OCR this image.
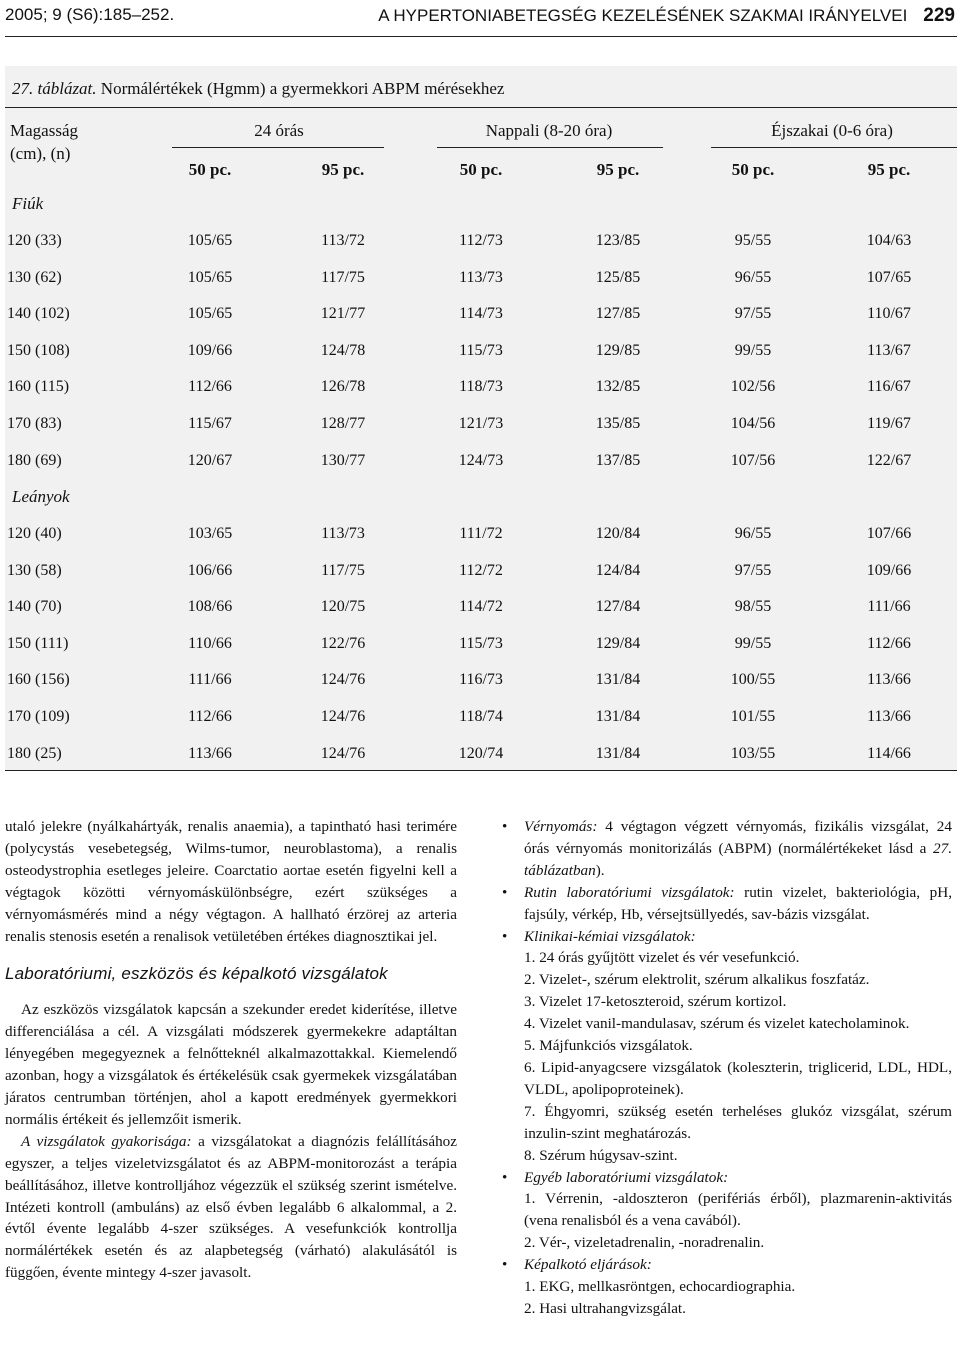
2005; 9 (S6):185–252.	A HYPERTONIABETEGSÉG KEZELÉSÉNEK SZAKMAI IRÁNYELVEI 229
27. táblázat. Normálértékek (Hgmm) a gyermekkori ABPM mérésekhez
Magasság
(cm), (n)
24 órás	Nappali (8-20 óra)	Éjszakai (0-6 óra)
50 pc.	95 pc.	50 pc.	95 pc.	50 pc.	95 pc.
Fiúk
120 (33)	105/65	113/72	112/73	123/85	95/55	104/63
130 (62)	105/65	117/75	113/73	125/85	96/55	107/65
140 (102)	105/65	121/77	114/73	127/85	97/55	110/67
150 (108)	109/66	124/78	115/73	129/85	99/55	113/67
160 (115)	112/66	126/78	118/73	132/85	102/56	116/67
170 (83)	115/67	128/77	121/73	135/85	104/56	119/67
180 (69)	120/67	130/77	124/73	137/85	107/56	122/67
Leányok
120 (40)	103/65	113/73	111/72	120/84	96/55	107/66
130 (58)	106/66	117/75	112/72	124/84	97/55	109/66
140 (70)	108/66	120/75	114/72	127/84	98/55	111/66
150 (111)	110/66	122/76	115/73	129/84	99/55	112/66
160 (156)	111/66	124/76	116/73	131/84	100/55	113/66
170 (109)	112/66	124/76	118/74	131/84	101/55	113/66
180 (25)	113/66	124/76	120/74	131/84	103/55	114/66

utaló jelekre (nyálkahártyák, renalis anaemia), a tapintható hasi terimére (polycystás vesebetegség, Wilms-tumor, neuroblastoma), a renalis osteodystrophia esetleges jeleire. Coarctatio aortae esetén figyelni kell a végtagok közötti vérnyomáskülönbségre, ezért szükséges a vérnyomásmérés mind a négy végtagon. A hallható érzörej az arteria renalis stenosis esetén a renalisok vetületében értékes diagnosztikai jel.

Laboratóriumi, eszközös és képalkotó vizsgálatok

Az eszközös vizsgálatok kapcsán a szekunder eredet kiderítése, illetve differenciálása a cél. A vizsgálati módszerek gyermekekre adaptáltan lényegében megegyeznek a felnőtteknél alkalmazottakkal. Kiemelendő azonban, hogy a vizsgálatok és értékelésük csak gyermekek vizsgálatában járatos centrumban történjen, ahol a kapott eredmények gyermekkori normális értékeit és jellemzőit ismerik.

A vizsgálatok gyakorisága: a vizsgálatokat a diagnózis felállításához egyszer, a teljes vizeletvizsgálatot és az ABPM-monitorozást a terápia beállításához, illetve kontrolljához végezzük el szükség szerint ismételve. Intézeti kontroll (ambuláns) az első évben legalább 6 alkalommal, a 2. évtől évente legalább 4-szer szükséges. A vesefunkciók kontrollja normálértékek esetén és az alapbetegség (várható) alakulásától is függően, évente mintegy 4-szer javasolt.

• Vérnyomás: 4 végtagon végzett vérnyomás, fizikális vizsgálat, 24 órás vérnyomás monitorizálás (ABPM) (normálértékeket lásd a 27. táblázatban).

• Rutin laboratóriumi vizsgálatok: rutin vizelet, bakteriológia, pH, fajsúly, vérkép, Hb, vérsejtsüllyedés, sav-bázis vizsgálat.

• Klinikai-kémiai vizsgálatok:

1. 24 órás gyűjtött vizelet és vér vesefunkció.

2. Vizelet-, szérum elektrolit, szérum alkalikus foszfatáz.

3. Vizelet 17-ketoszteroid, szérum kortizol.

4. Vizelet vanil-mandulasav, szérum és vizelet katecholaminok.

5. Májfunkciós vizsgálatok.

6. Lipid-anyagcsere vizsgálatok (koleszterin, triglicerid, LDL, HDL, VLDL, apolipoproteinek).

7. Éhgyomri, szükség esetén terheléses glukóz vizsgálat, szérum inzulin-szint meghatározás.

8. Szérum húgysav-szint.

• Egyéb laboratóriumi vizsgálatok:

1. Vérrenin, -aldoszteron (perifériás érből), plazmarenin-aktivitás (vena renalisból és a vena cavából).

2. Vér-, vizeletadrenalin, -noradrenalin.

• Képalkotó eljárások:

1. EKG, mellkasröntgen, echocardiographia.

2. Hasi ultrahangvizsgálat.
